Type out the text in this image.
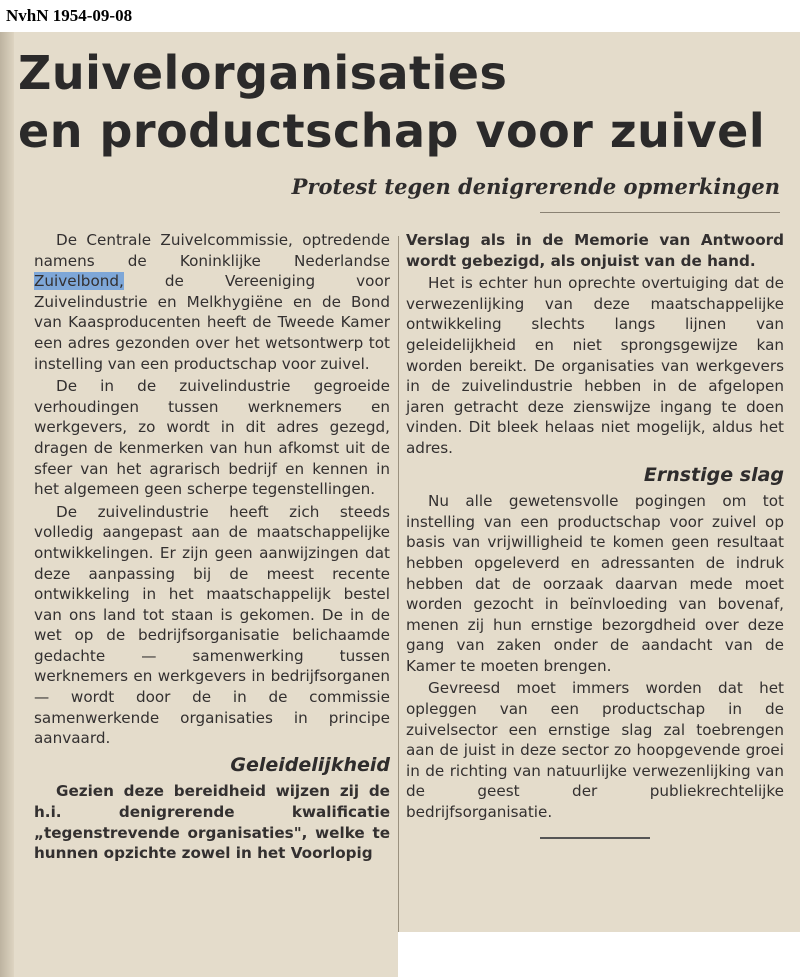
NvhN 1954-09-08
Zuivelorganisaties
en productschap voor zuivel
Protest tegen denigrerende opmerkingen

De Centrale Zuivelcommissie, optredende namens de Koninklijke Nederlandse Zuivelbond, de Vereeniging voor Zuivelindustrie en Melkhygiëne en de Bond van Kaasproducenten heeft de Tweede Kamer een adres gezonden over het wetsontwerp tot instelling van een productschap voor zuivel.

De in de zuivelindustrie gegroeide verhoudingen tussen werknemers en werkgevers, zo wordt in dit adres gezegd, dragen de kenmerken van hun afkomst uit de sfeer van het agrarisch bedrijf en kennen in het algemeen geen scherpe tegenstellingen.

De zuivelindustrie heeft zich steeds volledig aangepast aan de maatschappelijke ontwikkelingen. Er zijn geen aanwijzingen dat deze aanpassing bij de meest recente ontwikkeling in het maatschappelijk bestel van ons land tot staan is gekomen. De in de wet op de bedrijfsorganisatie belichaamde gedachte — samenwerking tussen werknemers en werkgevers in bedrijfsorganen — wordt door de in de commissie samenwerkende organisaties in principe aanvaard.

Geleidelijkheid

Gezien deze bereidheid wijzen zij de h.i. denigrerende kwalificatie „tegenstrevende organisaties", welke te hunnen opzichte zowel in het Voorlopig

Verslag als in de Memorie van Antwoord wordt gebezigd, als onjuist van de hand.

Het is echter hun oprechte overtuiging dat de verwezenlijking van deze maatschappelijke ontwikkeling slechts langs lijnen van geleidelijkheid en niet sprongsgewijze kan worden bereikt. De organisaties van werkgevers in de zuivelindustrie hebben in de afgelopen jaren getracht deze zienswijze ingang te doen vinden. Dit bleek helaas niet mogelijk, aldus het adres.

Ernstige slag

Nu alle gewetensvolle pogingen om tot instelling van een productschap voor zuivel op basis van vrijwilligheid te komen geen resultaat hebben opgeleverd en adressanten de indruk hebben dat de oorzaak daarvan mede moet worden gezocht in beïnvloeding van bovenaf, menen zij hun ernstige bezorgdheid over deze gang van zaken onder de aandacht van de Kamer te moeten brengen.

Gevreesd moet immers worden dat het opleggen van een productschap in de zuivelsector een ernstige slag zal toebrengen aan de juist in deze sector zo hoopgevende groei in de richting van natuurlijke verwezenlijking van de geest der publiekrechtelijke bedrijfsorganisatie.
